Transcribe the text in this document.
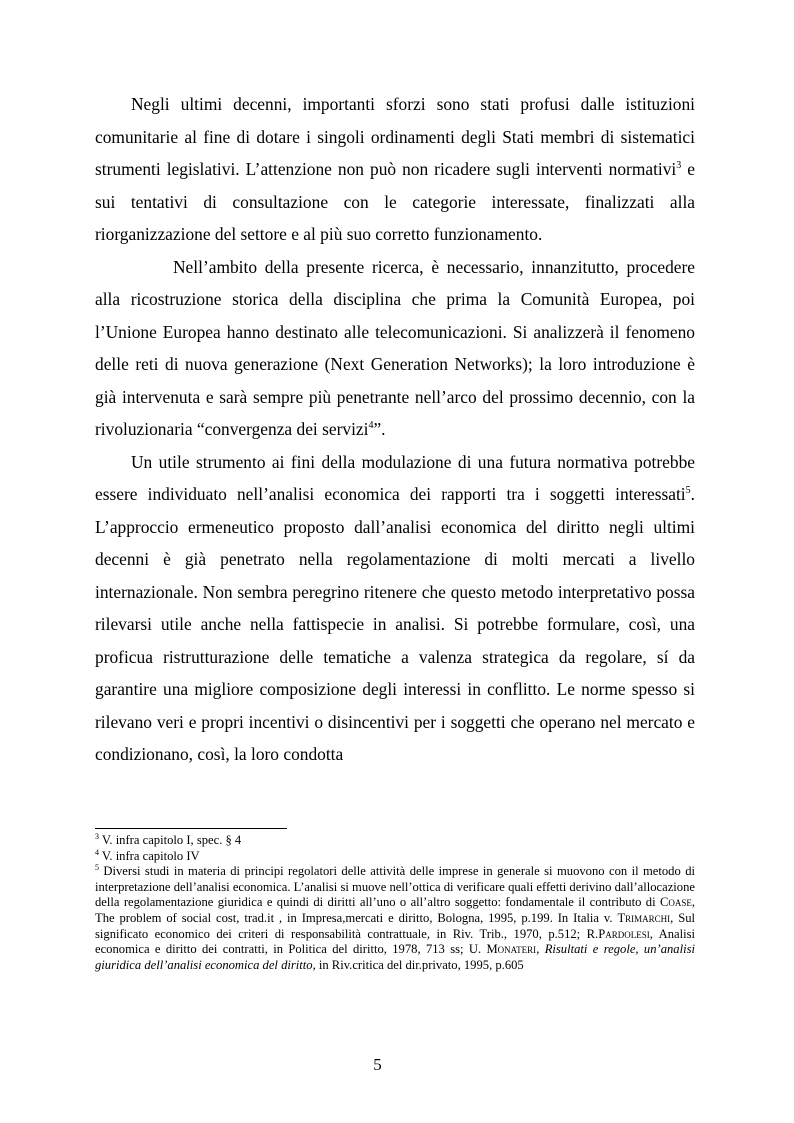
Negli ultimi decenni, importanti sforzi sono stati profusi dalle istituzioni comunitarie al fine di dotare i singoli ordinamenti degli Stati membri di sistematici strumenti legislativi. L’attenzione non può non ricadere sugli interventi normativi$^3$ e sui tentativi di consultazione con le categorie interessate, finalizzati alla riorganizzazione del settore e al più suo corretto funzionamento.

Nell’ambito della presente ricerca, è necessario, innanzitutto, procedere alla ricostruzione storica della disciplina che prima la Comunità Europea, poi l’Unione Europea hanno destinato alle telecomunicazioni. Si analizzerà il fenomeno delle reti di nuova generazione (Next Generation Networks); la loro introduzione è già intervenuta e sarà sempre più penetrante nell’arco del prossimo decennio, con la rivoluzionaria “convergenza dei servizi$^4$”.

Un utile strumento ai fini della modulazione di una futura normativa potrebbe essere individuato nell’analisi economica dei rapporti tra i soggetti interessati$^5$. L’approccio ermeneutico proposto dall’analisi economica del diritto negli ultimi decenni è già penetrato nella regolamentazione di molti mercati a livello internazionale. Non sembra peregrino ritenere che questo metodo interpretativo possa rilevarsi utile anche nella fattispecie in analisi. Si potrebbe formulare, così, una proficua ristrutturazione delle tematiche a valenza strategica da regolare, sí da garantire una migliore composizione degli interessi in conflitto. Le norme spesso si rilevano veri e propri incentivi o disincentivi per i soggetti che operano nel mercato e condizionano, così, la loro condotta

$^3$ V. infra capitolo I, spec. § 4

$^4$ V. infra capitolo IV

$^5$ Diversi studi in materia di principi regolatori delle attività delle imprese in generale si muovono con il metodo di interpretazione dell’analisi economica. L’analisi si muove nell’ottica di verificare quali effetti derivino dall’allocazione della regolamentazione giuridica e quindi di diritti all’uno o all’altro soggetto: fondamentale il contributo di Coase, The problem of social cost, trad.it , in Impresa,mercati e diritto, Bologna, 1995, p.199. In Italia v. Trimarchi, Sul significato economico dei criteri di responsabilità contrattuale, in Riv. Trib., 1970, p.512; R.Pardolesi, Analisi economica e diritto dei contratti, in Politica del diritto, 1978, 713 ss; U. Monateri, Risultati e regole, un’analisi giuridica dell’analisi economica del diritto, in Riv.critica del dir.privato, 1995, p.605

5
